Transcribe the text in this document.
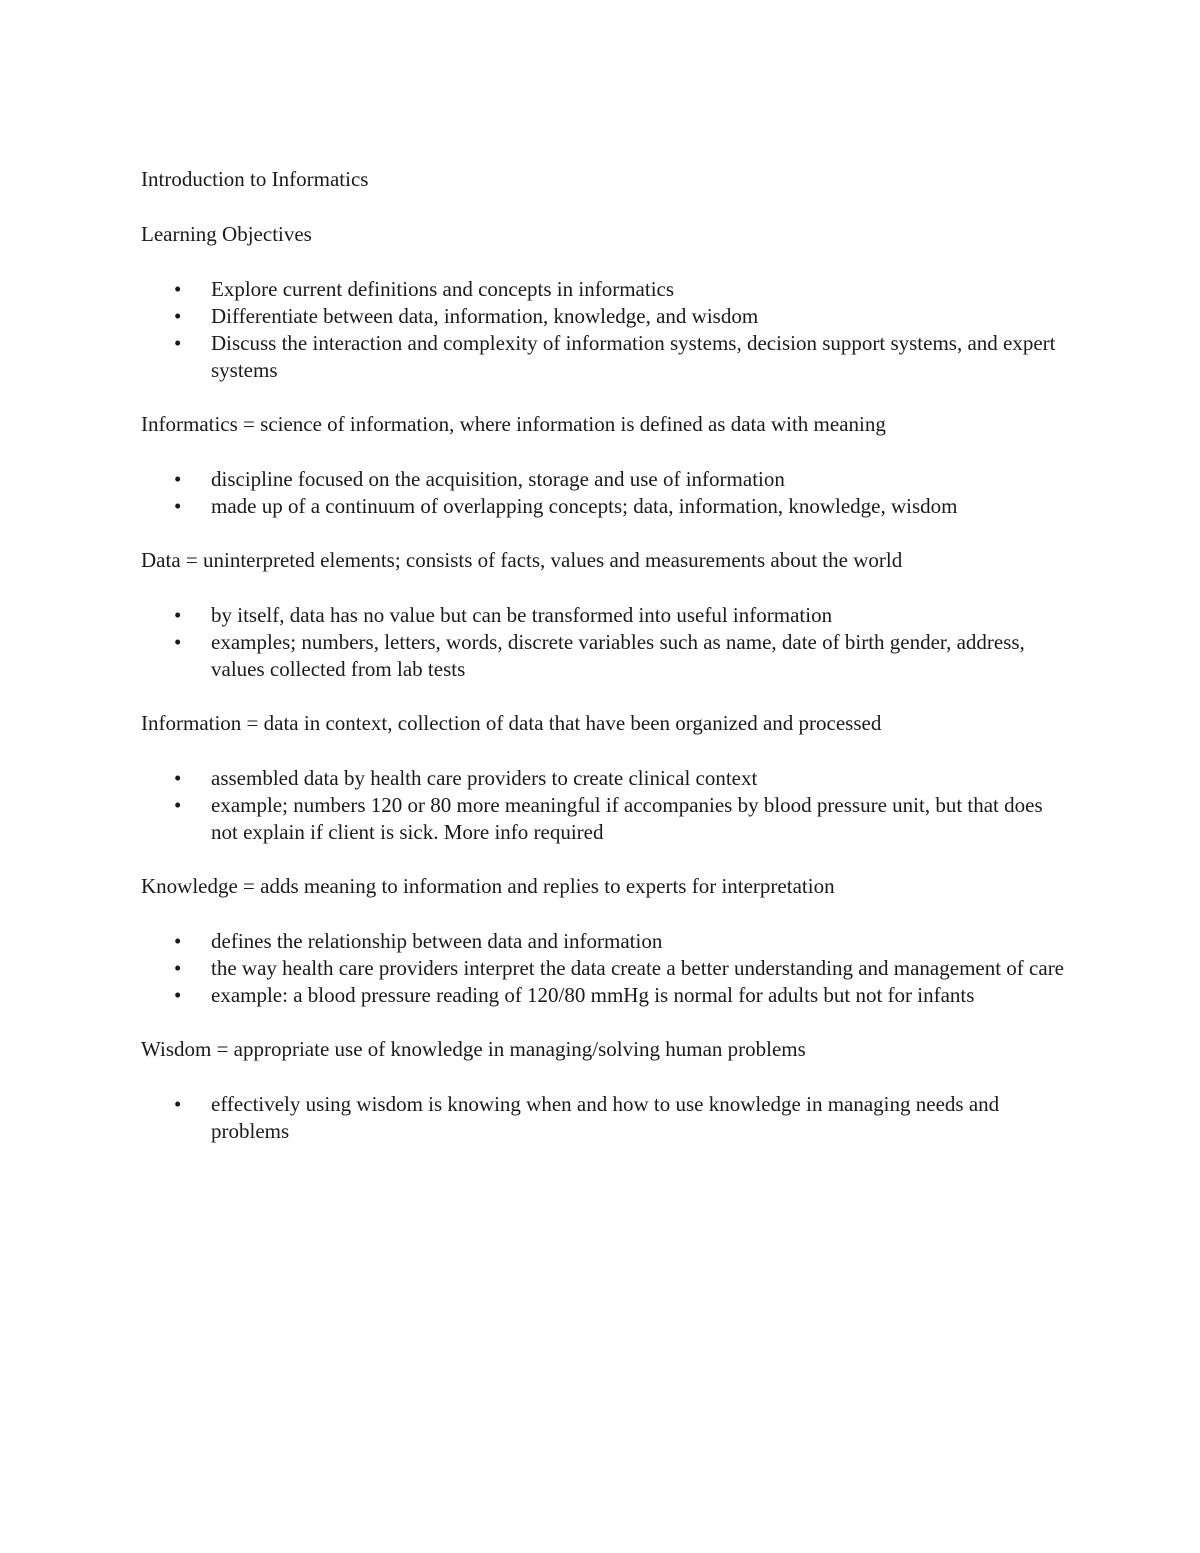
Introduction to Informatics

Learning Objectives

• Explore current definitions and concepts in informatics
• Differentiate between data, information, knowledge, and wisdom
• Discuss the interaction and complexity of information systems, decision support systems, and expert systems

Informatics = science of information, where information is defined as data with meaning

• discipline focused on the acquisition, storage and use of information
• made up of a continuum of overlapping concepts; data, information, knowledge, wisdom

Data = uninterpreted elements; consists of facts, values and measurements about the world

• by itself, data has no value but can be transformed into useful information
• examples; numbers, letters, words, discrete variables such as name, date of birth gender, address, values collected from lab tests

Information = data in context, collection of data that have been organized and processed

• assembled data by health care providers to create clinical context
• example; numbers 120 or 80 more meaningful if accompanies by blood pressure unit, but that does not explain if client is sick. More info required

Knowledge = adds meaning to information and replies to experts for interpretation

• defines the relationship between data and information
• the way health care providers interpret the data create a better understanding and management of care
• example: a blood pressure reading of 120/80 mmHg is normal for adults but not for infants

Wisdom = appropriate use of knowledge in managing/solving human problems

• effectively using wisdom is knowing when and how to use knowledge in managing needs and problems
